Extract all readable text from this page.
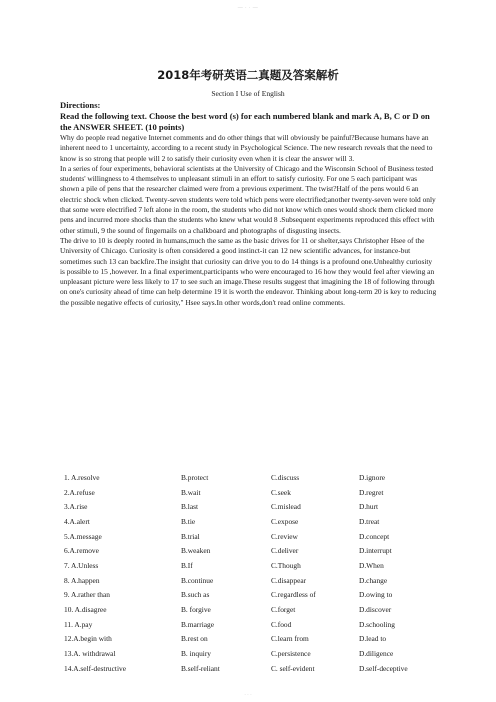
— · · —
2018年考研英语二真题及答案解析
Section I Use of English

Directions:

Read the following text. Choose the best word (s) for each numbered blank and mark A, B, C or D on the ANSWER SHEET. (10 points)

Why do people read negative Internet comments and do other things that will obviously be painful?Because humans have an inherent need to 1 uncertainty, according to a recent study in Psychological Science. The new research reveals that the need to know is so strong that people will 2 to satisfy their curiosity even when it is clear the answer will 3.

In a series of four experiments, behavioral scientists at the University of Chicago and the Wisconsin School of Business tested students' willingness to 4 themselves to unpleasant stimuli in an effort to satisfy curiosity. For one 5 each participant was shown a pile of pens that the researcher claimed were from a previous experiment. The twist?Half of the pens would 6 an electric shock when clicked. Twenty-seven students were told which pens were electrified;another twenty-seven were told only that some were electrified 7 left alone in the room, the students who did not know which ones would shock them clicked more pens and incurred more shocks than the students who knew what would 8 .Subsequent experiments reproduced this effect with other stimuli, 9 the sound of fingernails on a chalkboard and photographs of disgusting insects.

The drive to 10 is deeply rooted in humans,much the same as the basic drives for 11 or shelter,says Christopher Hsee of the University of Chicago. Curiosity is often considered a good instinct-it can 12 new scientific advances, for instance-but sometimes such 13 can backfire.The insight that curiosity can drive you to do 14 things is a profound one.Unhealthy curiosity is possible to 15 ,however. In a final experiment,participants who were encouraged to 16 how they would feel after viewing an unpleasant picture were less likely to 17 to see such an image.These results suggest that imagining the 18 of following through on one's curiosity ahead of time can help determine 19 it is worth the endeavor. Thinking about long-term 20 is key to reducing the possible negative effects of curiosity," Hsee says.In other words,don't read online comments.

1. A.resolve	B.protect	C.discuss	D.ignore
2.A.refuse	B.wait	C.seek	D.regret
3.A.rise	B.last	C.mislead	D.hurt
4.A.alert	B.tie	C.expose	D.treat
5.A.message	B.trial	C.review	D.concept
6.A.remove	B.weaken	C.deliver	D.interrupt
7. A.Unless	B.If	C.Though	D.When
8. A.happen	B.continue	C.disappear	D.change
9. A.rather than	B.such as	C.regardless of	D.owing to
10. A.disagree	B. forgive	C.forget	D.discover
11. A.pay	B.marriage	C.food	D.schooling
12.A.begin with	B.rest on	C.learn from	D.lead to
13.A. withdrawal	B. inquiry	C.persistence	D.diligence
14.A.self-destructive	B.self-reliant	C. self-evident	D.self-deceptive
· · ·
